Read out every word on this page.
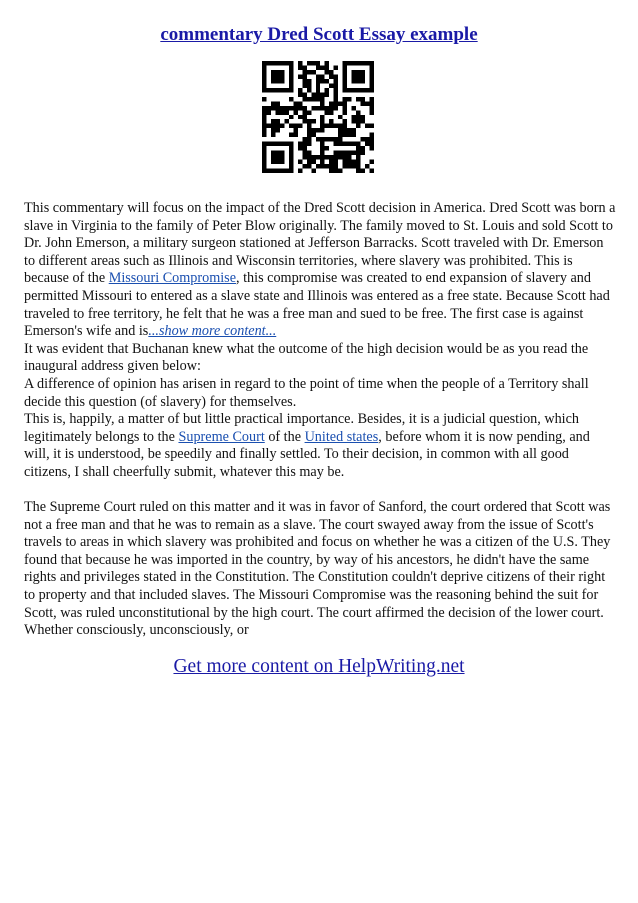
commentary Dred Scott Essay example

This commentary will focus on the impact of the Dred Scott decision in America. Dred Scott was born a slave in Virginia to the family of Peter Blow originally. The family moved to St. Louis and sold Scott to Dr. John Emerson, a military surgeon stationed at Jefferson Barracks. Scott traveled with Dr. Emerson to different areas such as Illinois and Wisconsin territories, where slavery was prohibited. This is because of the Missouri Compromise, this compromise was created to end expansion of slavery and permitted Missouri to entered as a slave state and Illinois was entered as a free state. Because Scott had traveled to free territory, he felt that he was a free man and sued to be free. The first case is against Emerson's wife and is...show more content...

It was evident that Buchanan knew what the outcome of the high decision would be as you read the inaugural address given below:

A difference of opinion has arisen in regard to the point of time when the people of a Territory shall decide this question (of slavery) for themselves.

This is, happily, a matter of but little practical importance. Besides, it is a judicial question, which legitimately belongs to the Supreme Court of the United states, before whom it is now pending, and will, it is understood, be speedily and finally settled. To their decision, in common with all good citizens, I shall cheerfully submit, whatever this may be.

The Supreme Court ruled on this matter and it was in favor of Sanford, the court ordered that Scott was not a free man and that he was to remain as a slave. The court swayed away from the issue of Scott's travels to areas in which slavery was prohibited and focus on whether he was a citizen of the U.S. They found that because he was imported in the country, by way of his ancestors, he didn't have the same rights and privileges stated in the Constitution. The Constitution couldn't deprive citizens of their right to property and that included slaves. The Missouri Compromise was the reasoning behind the suit for Scott, was ruled unconstitutional by the high court. The court affirmed the decision of the lower court.

Whether consciously, unconsciously, or

Get more content on HelpWriting.net
